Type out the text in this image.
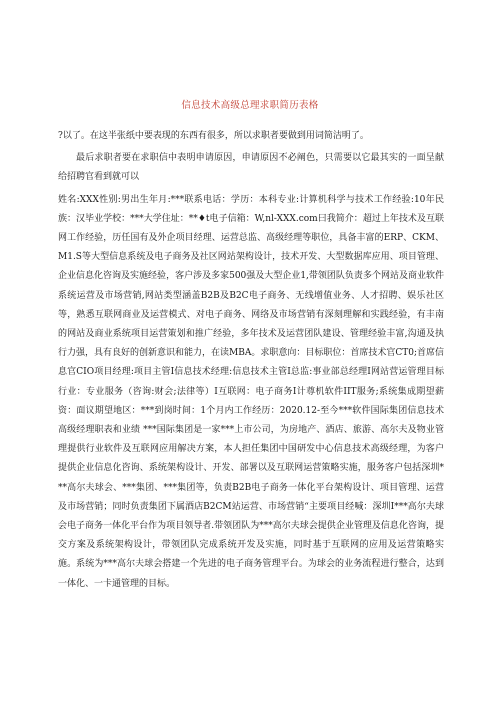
信息技术高级总理求职简历表格

?以了。在这半张纸中要表现的东西有很多，所以求职者要做到用词简洁明了。

最后求职者要在求职信中表明申请原因，申请原因不必阐色，只需要以它最其实的一面呈献给招聘官看到就可以

姓名:XXX性别:男出生年月:***联系电话：学历：本科专业:计算机科学与技术工作经验:10年民族：汉毕业学校：***大学住址：**♦t电子信箱：W,nl-XXX.com曰我简介：超过上年技术及互联网工作经验，历任国有及外企项目经理、运营总监、高级经理等职位，具备丰富的ERP、CKM、M1.S等大型信息系统及电子商务及社区网站架构设计，技术开发、大型数据库应用、项目管理、企业信息化咨询及实施经验，客户涉及多家500强及大型企业1,带领团队负责多个网站及商业软件系统运营及市场营销,网站类型涵盖B2B及B2C电子商务、无线增值业务、人才招聘、娱乐社区等，熟悉互联网商业及运营模式、对电子商务、网络及市场营销有深刻理解和实践经验，有丰南的网站及商业系统项目运营策划和推广经验，多年技术及运营团队建设、管理经验丰富,沟通及执行力强，具有良好的创新意识和能力，在读MBA。求职意向：目标职位：首席技术官CT0;首席信息官CIO项目经理:项目主管I信息技术经理:信息技术主管I总监:事业部总经理I网站营运管理目标行业：专业服务（咨询:财会;法律等）I互联网：电子商务I计尊机软件IIT服务;系统集成期望薪资：面议期望地区：***到岗时间：1个月内工作经历：2020.12-至今***软件国际集团信息技术高级经理职表和业绩 ***国际集团是一家***上市公司，为房地产、酒店、旅游、高尔夫及物业管理提供行业软件及互联网应用解决方案，本人担任集团中国研发中心信息技术高级经理，为客户提供企业信息化咨询、系统架构设计、开发、部署以及互联网运营策略实施，服务客户包括深圳***高尔夫球会、***集团、***集团等，负责B2B电子商务一体化平台架构设计、项目管理、运营及市场营销；同时负责集团下属酒店B2CM站运营、市场营销“主要项目经喊：深圳I***高尔夫球会电子商务一体化平台作为项目领导者.带领团队为***高尔夫球会提供企业管理及信息化咨询，提交方案及系统架构设计，带领团队完成系统开发及实施，同时基于互联网的应用及运营策略实施。系统为***高尔夫球会搭建一个先进的电子商务管理平台。为球会的业务流程进行整合，达到一体化、一卡通管理的目标。
